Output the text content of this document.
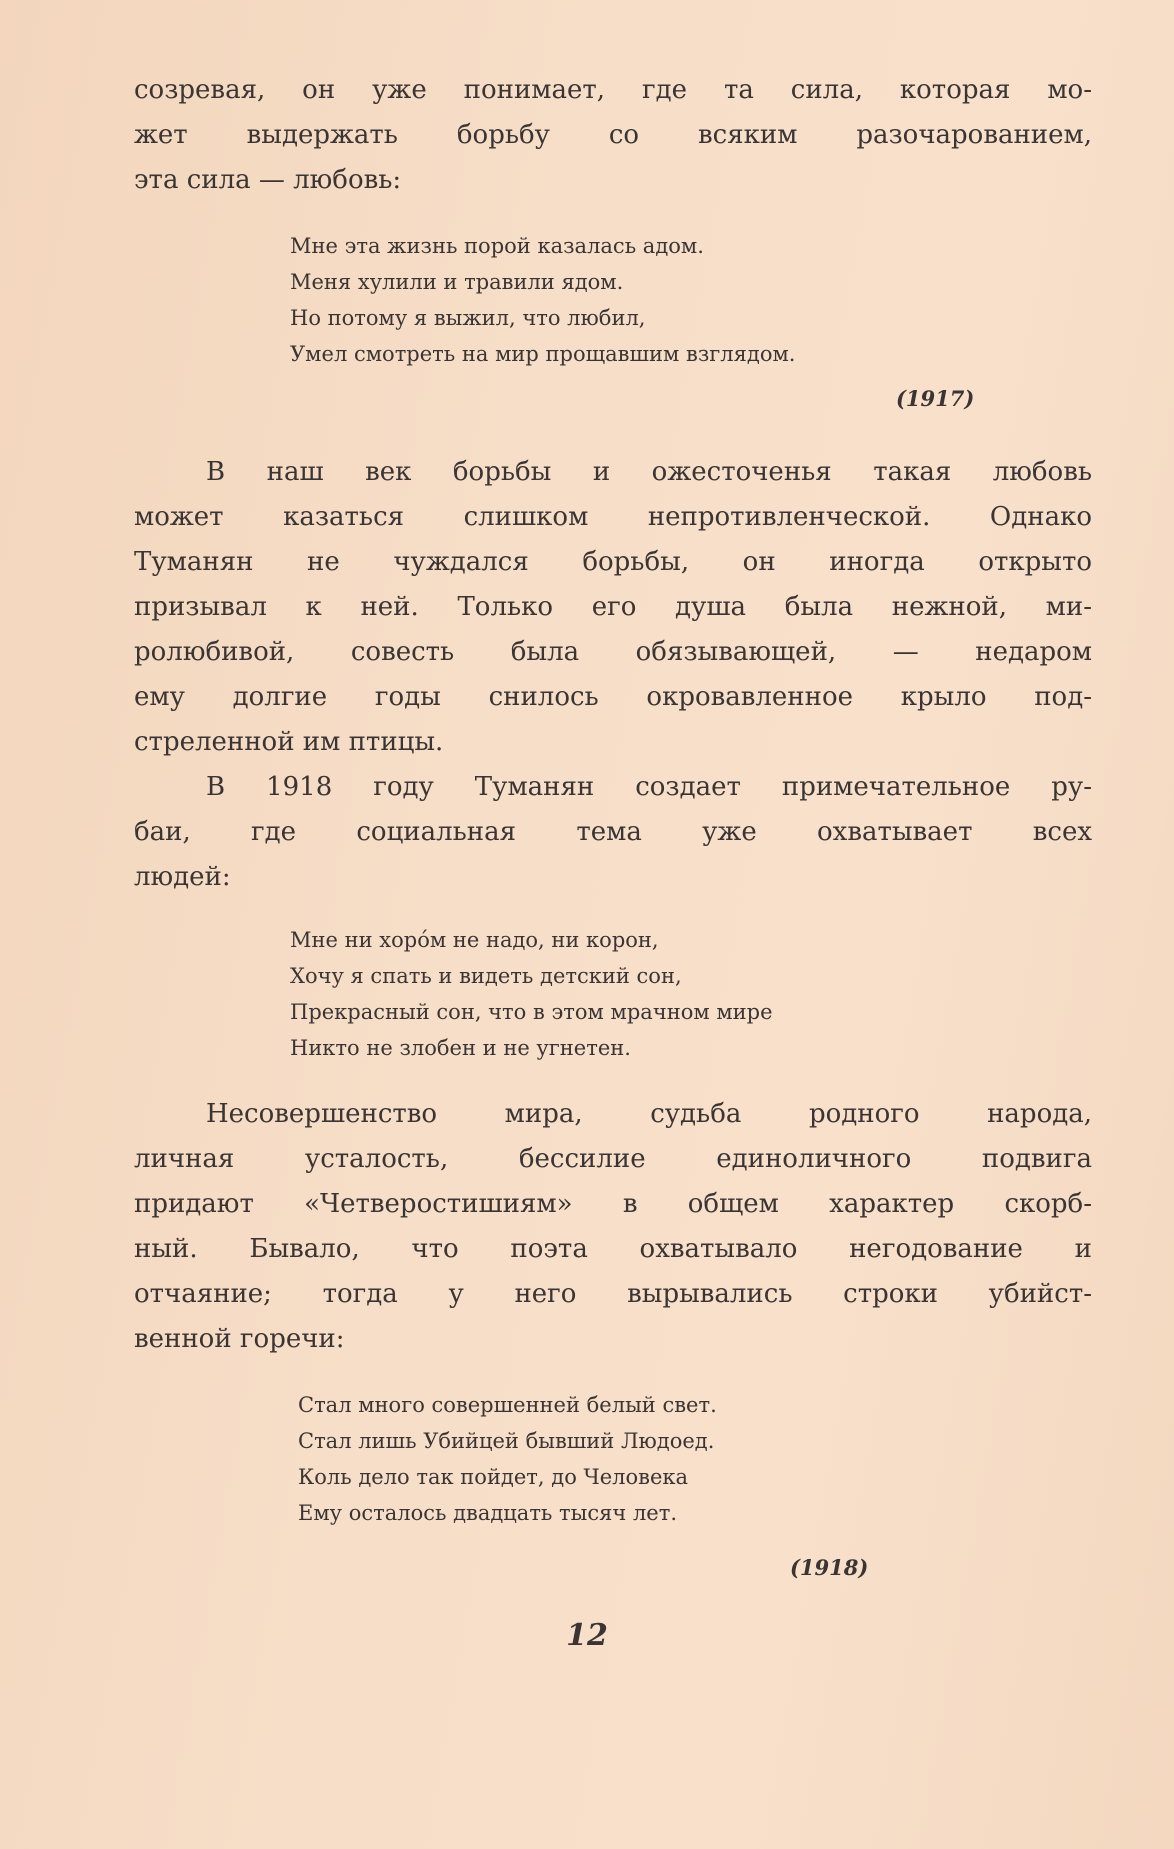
созревая, он уже понимает, где та сила, которая мо-
жет выдержать борьбу со всяким разочарованием,
эта сила — любовь:

Мне эта жизнь порой казалась адом.
Меня хулили и травили ядом.
Но потому я выжил, что любил,
Умел смотреть на мир прощавшим взглядом.
(1917)

В наш век борьбы и ожесточенья такая любовь
может казаться слишком непротивленческой. Однако
Туманян не чуждался борьбы, он иногда открыто
призывал к ней. Только его душа была нежной, ми-
ролюбивой, совесть была обязывающей, — недаром
ему долгие годы снилось окровавленное крыло под-
стреленной им птицы.

В 1918 году Туманян создает примечательное ру-
баи, где социальная тема уже охватывает всех
людей:

Мне ни хоро́м не надо, ни корон,
Хочу я спать и видеть детский сон,
Прекрасный сон, что в этом мрачном мире
Никто не злобен и не угнетен.

Несовершенство мира, судьба родного народа,
личная усталость, бессилие единоличного подвига
придают «Четверостишиям» в общем характер скорб-
ный. Бывало, что поэта охватывало негодование и
отчаяние; тогда у него вырывались строки убийст-
венной горечи:

Стал много совершенней белый свет.
Стал лишь Убийцей бывший Людоед.
Коль дело так пойдет, до Человека
Ему осталось двадцать тысяч лет.
(1918)
12
